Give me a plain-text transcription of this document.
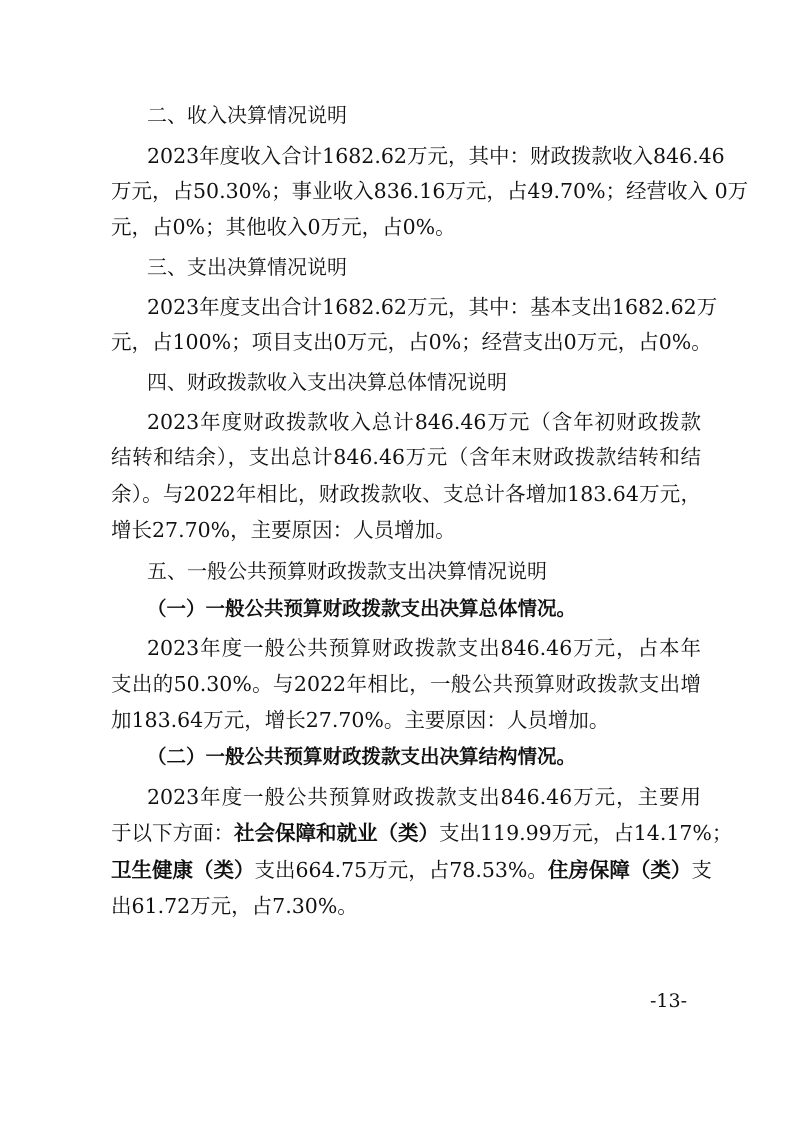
二、收入决算情况说明
2023年度收入合计1682.62万元，其中：财政拨款收入846.46
万元，占50.30%；事业收入836.16万元，占49.70%；经营收入 0万
元，占0%；其他收入0万元，占0%。
三、支出决算情况说明
2023年度支出合计1682.62万元，其中：基本支出1682.62万
元，占100%；项目支出0万元，占0%；经营支出0万元，占0%。
四、财政拨款收入支出决算总体情况说明
2023年度财政拨款收入总计846.46万元（含年初财政拨款
结转和结余），支出总计846.46万元（含年末财政拨款结转和结
余）。与2022年相比，财政拨款收、支总计各增加183.64万元，
增长27.70%，主要原因：人员增加。
五、一般公共预算财政拨款支出决算情况说明
（一）一般公共预算财政拨款支出决算总体情况。
2023年度一般公共预算财政拨款支出846.46万元，占本年
支出的50.30%。与2022年相比，一般公共预算财政拨款支出增
加183.64万元，增长27.70%。主要原因：人员增加。
（二）一般公共预算财政拨款支出决算结构情况。
2023年度一般公共预算财政拨款支出846.46万元，主要用
于以下方面：社会保障和就业（类）支出119.99万元，占14.17%；
卫生健康（类）支出664.75万元，占78.53%。住房保障（类）支
出61.72万元，占7.30%。
-13-
